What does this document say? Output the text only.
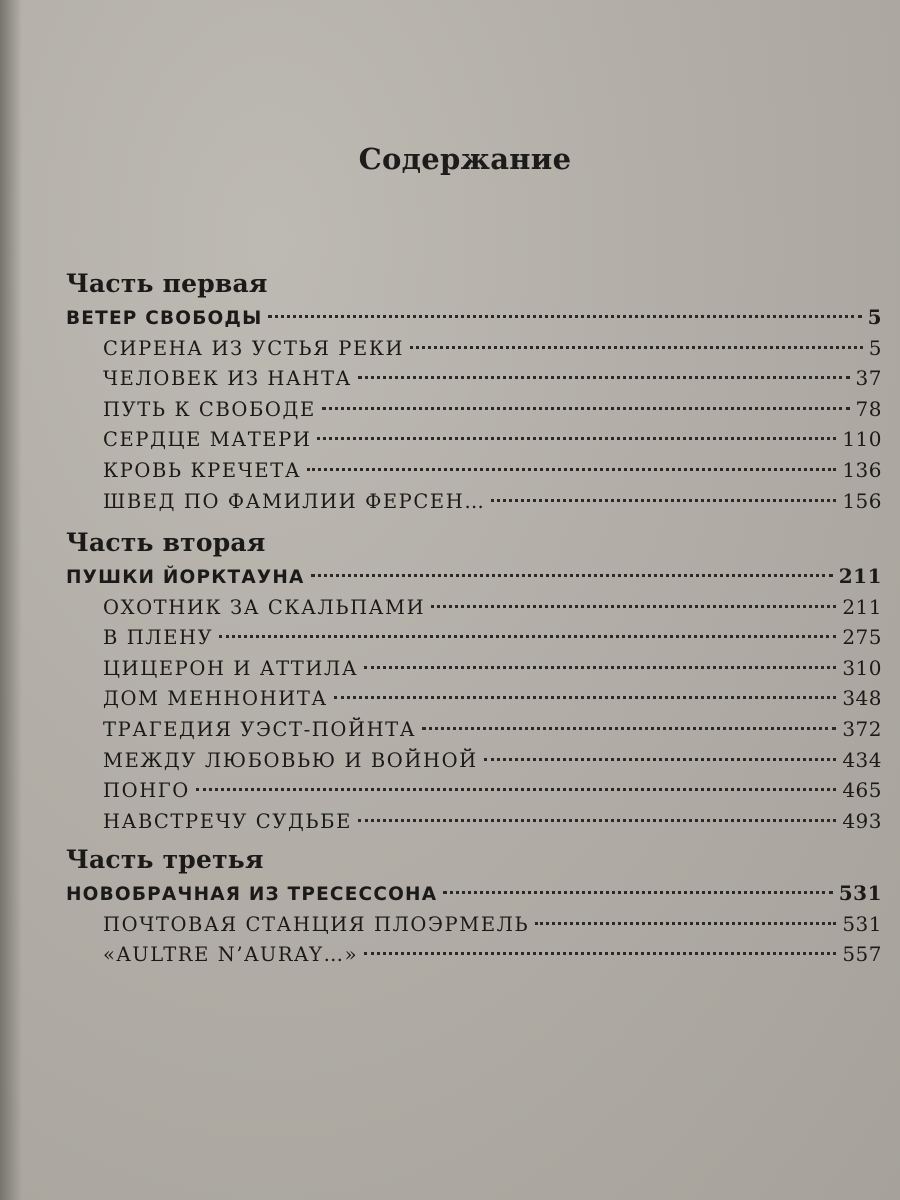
Содержание
Часть первая
ВЕТЕР СВОБОДЫ	5
СИРЕНА ИЗ УСТЬЯ РЕКИ	5
ЧЕЛОВЕК ИЗ НАНТА	37
ПУТЬ К СВОБОДЕ	78
СЕРДЦЕ МАТЕРИ	110
КРОВЬ КРЕЧЕТА	136
ШВЕД ПО ФАМИЛИИ ФЕРСЕН…	156
Часть вторая
ПУШКИ ЙОРКТАУНА	211
ОХОТНИК ЗА СКАЛЬПАМИ	211
В ПЛЕНУ	275
ЦИЦЕРОН И АТТИЛА	310
ДОМ МЕННОНИТА	348
ТРАГЕДИЯ УЭСТ-ПОЙНТА	372
МЕЖДУ ЛЮБОВЬЮ И ВОЙНОЙ	434
ПОНГО	465
НАВСТРЕЧУ СУДЬБЕ	493
Часть третья
НОВОБРАЧНАЯ ИЗ ТРЕСЕССОНА	531
ПОЧТОВАЯ СТАНЦИЯ ПЛОЭРМЕЛЬ	531
«AULTRE N’AURAY…»	557
